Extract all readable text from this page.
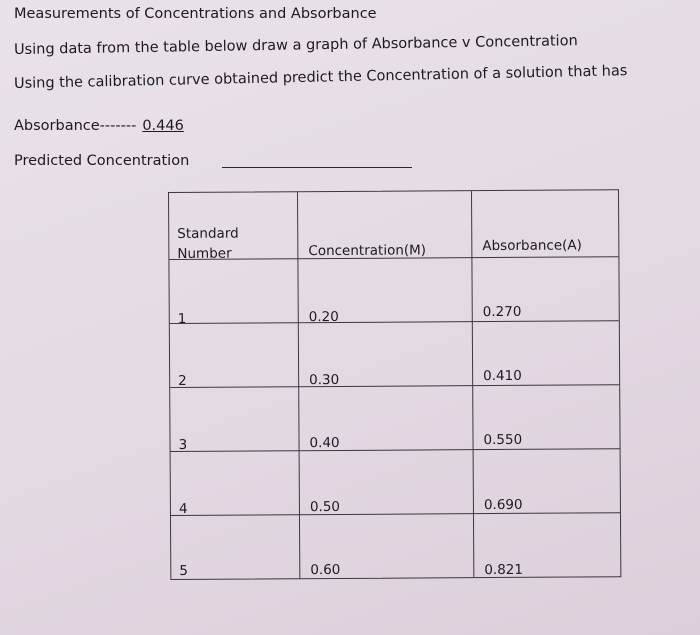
Measurements of Concentrations and Absorbance
Using data from the table below draw a graph of Absorbance v Concentration
Using the calibration curve obtained predict the Concentration of a solution that has
Absorbance------- 0.446
Predicted Concentration
Standard
Number	Concentration(M)	Absorbance(A)
1	0.20	0.270
2	0.30	0.410
3	0.40	0.550
4	0.50	0.690
5	0.60	0.821
